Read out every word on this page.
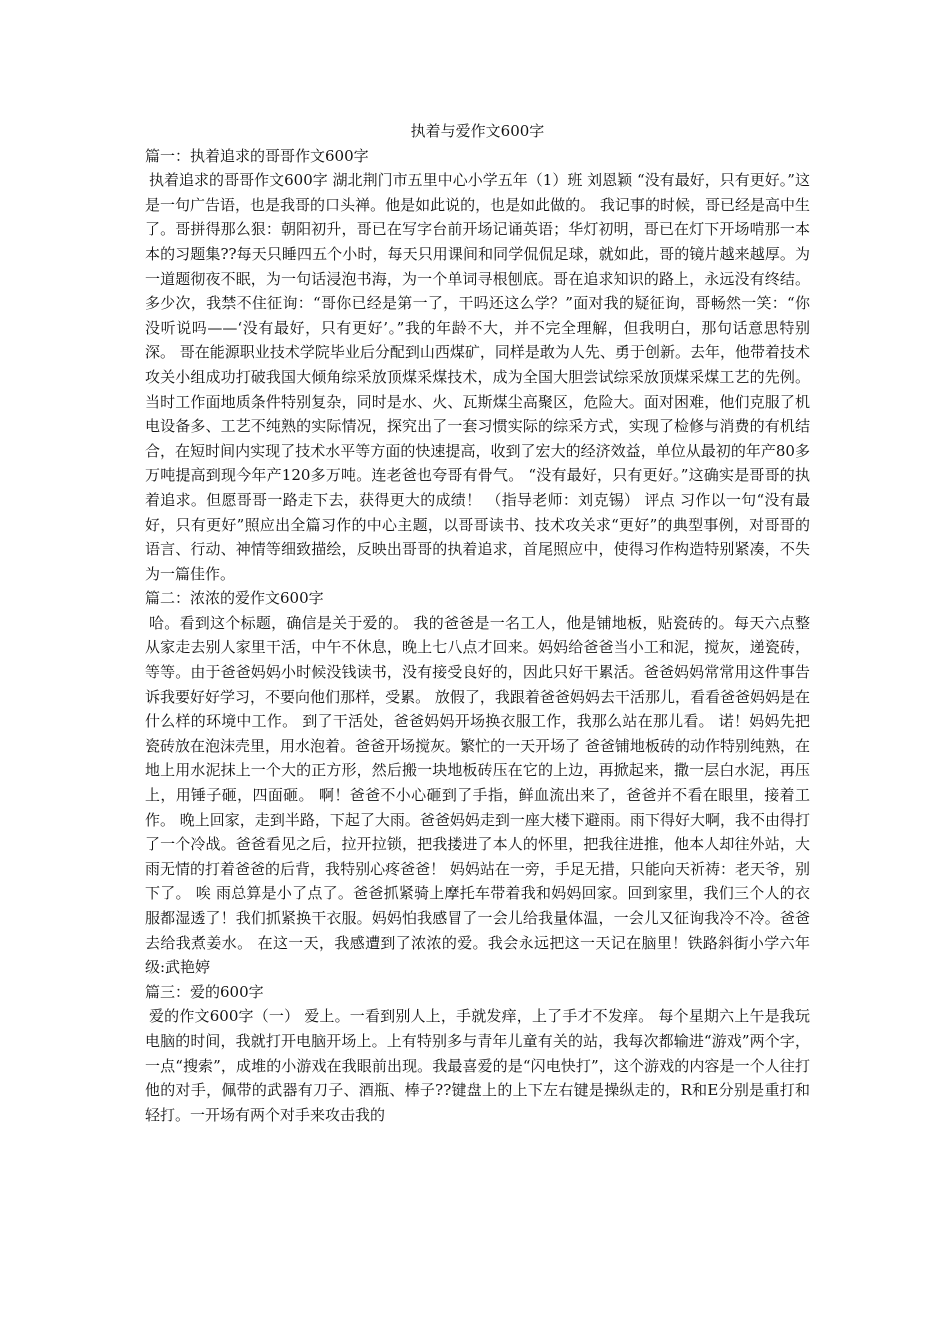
执着与爱作文600字
篇一：执着追求的哥哥作文600字

执着追求的哥哥作文600字 湖北荆门市五里中心小学五年（1）班 刘恩颖 “没有最好，只有更好。”这是一句广告语，也是我哥的口头禅。他是如此说的，也是如此做的。 我记事的时候，哥已经是高中生了。哥拼得那么狠：朝阳初升，哥已在写字台前开场记诵英语；华灯初明，哥已在灯下开场啃那一本本的习题集??每天只睡四五个小时，每天只用课间和同学侃侃足球，就如此，哥的镜片越来越厚。为一道题彻夜不眠，为一句话浸泡书海，为一个单词寻根刨底。哥在追求知识的路上，永远没有终结。多少次，我禁不住征询：“哥你已经是第一了，干吗还这么学？”面对我的疑征询，哥畅然一笑：“你没听说吗——‘没有最好，只有更好’。”我的年龄不大，并不完全理解，但我明白，那句话意思特别深。 哥在能源职业技术学院毕业后分配到山西煤矿，同样是敢为人先、勇于创新。去年，他带着技术攻关小组成功打破我国大倾角综采放顶煤采煤技术，成为全国大胆尝试综采放顶煤采煤工艺的先例。当时工作面地质条件特别复杂，同时是水、火、瓦斯煤尘高聚区，危险大。面对困难，他们克服了机电设备多、工艺不纯熟的实际情况，探究出了一套习惯实际的综采方式，实现了检修与消费的有机结合，在短时间内实现了技术水平等方面的快速提高，收到了宏大的经济效益，单位从最初的年产80多万吨提高到现今年产120多万吨。连老爸也夸哥有骨气。 “没有最好，只有更好。”这确实是哥哥的执着追求。但愿哥哥一路走下去，获得更大的成绩！ （指导老师：刘克锡） 评点 习作以一句“没有最好，只有更好”照应出全篇习作的中心主题，以哥哥读书、技术攻关求“更好”的典型事例，对哥哥的语言、行动、神情等细致描绘，反映出哥哥的执着追求，首尾照应中，使得习作构造特别紧凑，不失为一篇佳作。

篇二：浓浓的爱作文600字

哈。看到这个标题，确信是关于爱的。 我的爸爸是一名工人，他是铺地板，贴瓷砖的。每天六点整从家走去别人家里干活，中午不休息，晚上七八点才回来。妈妈给爸爸当小工和泥，搅灰，递瓷砖，等等。由于爸爸妈妈小时候没钱读书，没有接受良好的，因此只好干累活。爸爸妈妈常常用这件事告诉我要好好学习，不要向他们那样，受累。 放假了，我跟着爸爸妈妈去干活那儿，看看爸爸妈妈是在什么样的环境中工作。 到了干活处，爸爸妈妈开场换衣服工作，我那么站在那儿看。 诺！妈妈先把瓷砖放在泡沫壳里，用水泡着。爸爸开场搅灰。繁忙的一天开场了 爸爸铺地板砖的动作特别纯熟，在地上用水泥抹上一个大的正方形，然后搬一块地板砖压在它的上边，再掀起来，撒一层白水泥，再压上，用锤子砸，四面砸。 啊！爸爸不小心砸到了手指，鲜血流出来了，爸爸并不看在眼里，接着工作。 晚上回家，走到半路，下起了大雨。爸爸妈妈走到一座大楼下避雨。雨下得好大啊，我不由得打了一个冷战。爸爸看见之后，拉开拉锁，把我搂进了本人的怀里，把我往进推，他本人却往外站，大雨无情的打着爸爸的后背，我特别心疼爸爸！ 妈妈站在一旁，手足无措，只能向天祈祷：老天爷，别下了。 唉 雨总算是小了点了。爸爸抓紧骑上摩托车带着我和妈妈回家。回到家里，我们三个人的衣服都湿透了！我们抓紧换干衣服。妈妈怕我感冒了一会儿给我量体温，一会儿又征询我冷不冷。爸爸去给我煮姜水。 在这一天，我感遭到了浓浓的爱。我会永远把这一天记在脑里！铁路斜街小学六年级:武艳婷

篇三：爱的600字

爱的作文600字（一） 爱上。一看到别人上，手就发痒，上了手才不发痒。 每个星期六上午是我玩电脑的时间，我就打开电脑开场上。上有特别多与青年儿童有关的站，我每次都输进“游戏”两个字，一点“搜索”，成堆的小游戏在我眼前出现。我最喜爱的是“闪电快打”，这个游戏的内容是一个人往打他的对手，佩带的武器有刀子、酒瓶、棒子??键盘上的上下左右键是操纵走的，R和E分别是重打和轻打。一开场有两个对手来攻击我的
